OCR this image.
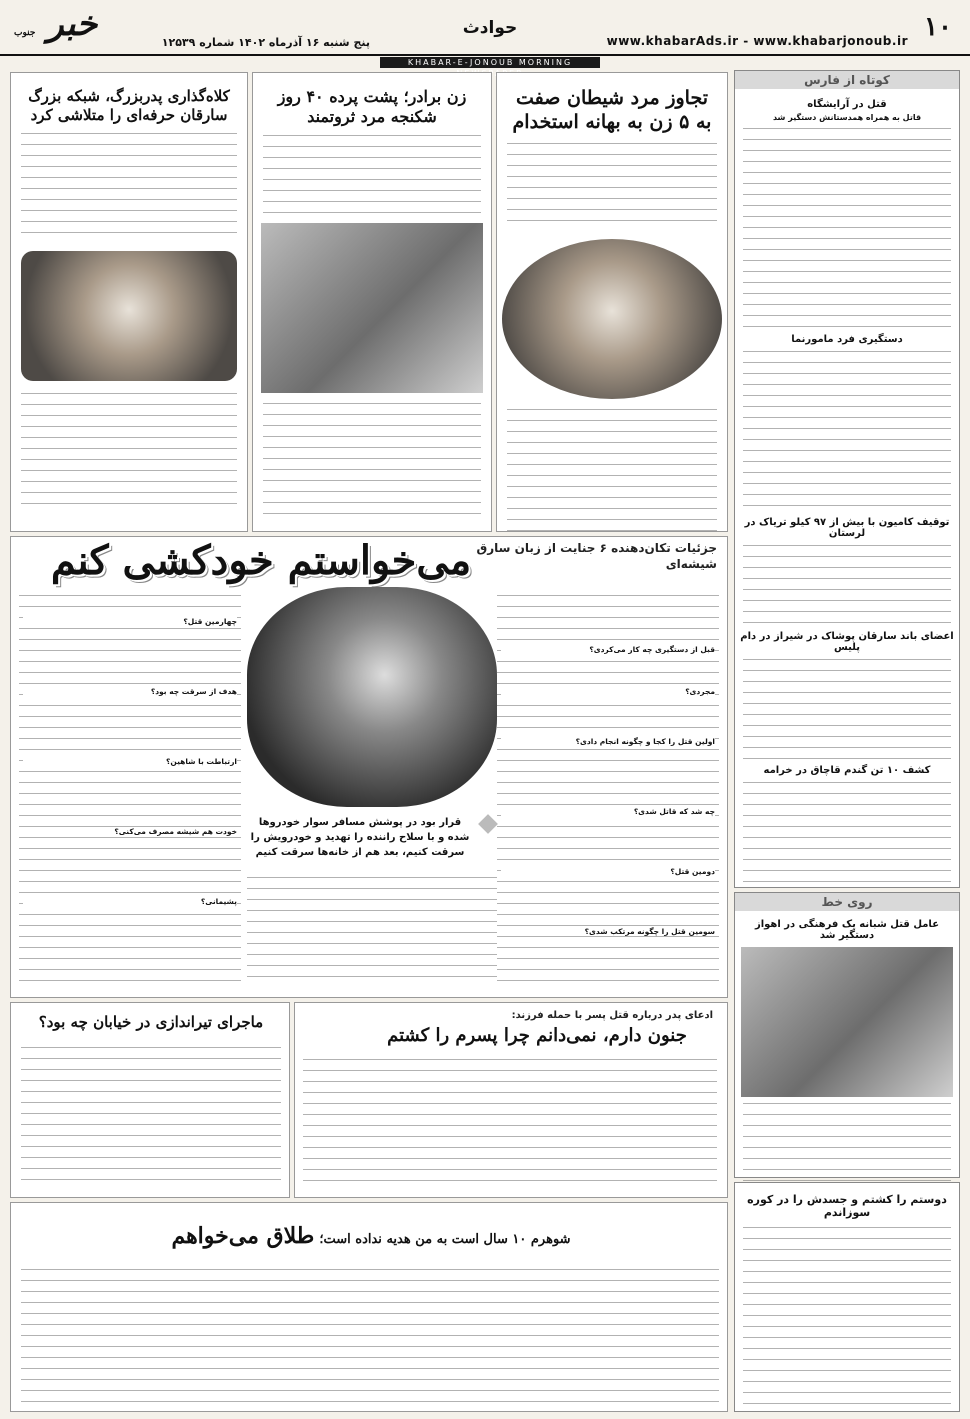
۱۰
www.khabarAds.ir - www.khabarjonoub.ir
حوادث
خبر جنوب
پنج شنبه ۱۶ آذرماه ۱۴۰۲ شماره ۱۲۵۳۹
KHABAR-E-JONOUB MORNING
کوتاه از فارس
قتل در آرایشگاه
قاتل به همراه همدستانش دستگیر شد
دستگیری فرد مامورنما
توقیف کامیون با بیش از ۹۷ کیلو تریاک در لرستان
اعضای باند سارقان پوشاک در شیراز در دام پلیس
کشف ۱۰ تن گندم قاچاق در خرامه
روی خط
عامل قتل شبانه یک فرهنگی در اهواز دستگیر شد
دوستم را کشتم و جسدش را در کوره سوزاندم
تجاوز مرد شیطان صفت به ۵ زن به بهانه استخدام
زن برادر؛ پشت پرده ۴۰ روز شکنجه مرد ثروتمند
کلاه‌گذاری پدربزرگ، شبکه بزرگ سارقان حرفه‌ای را متلاشی کرد
جزئیات تکان‌دهنده ۶ جنایت از زبان سارق شیشه‌ای
می‌خواستم خودکشی کنم
قرار بود در پوشش مسافر سوار خودروها شده و با سلاح راننده را تهدید و خودرویش را سرقت کنیم، بعد هم از خانه‌ها سرقت کنیم
قبل از دستگیری چه کار می‌کردی؟
مجردی؟
اولین قتل را کجا و چگونه انجام دادی؟
چه شد که قاتل شدی؟
دومین قتل؟
سومین قتل را چگونه مرتکب شدی؟
چهارمین قتل؟
هدف از سرقت چه بود؟
ارتباطت با شاهین؟
خودت هم شیشه مصرف می‌کنی؟
پشیمانی؟
ادعای پدر درباره قتل پسر با حمله فرزند:
جنون دارم، نمی‌دانم چرا پسرم را کشتم
ماجرای تیراندازی در خیابان چه بود؟
شوهرم ۱۰ سال است به من هدیه نداده است؛ طلاق می‌خواهم
